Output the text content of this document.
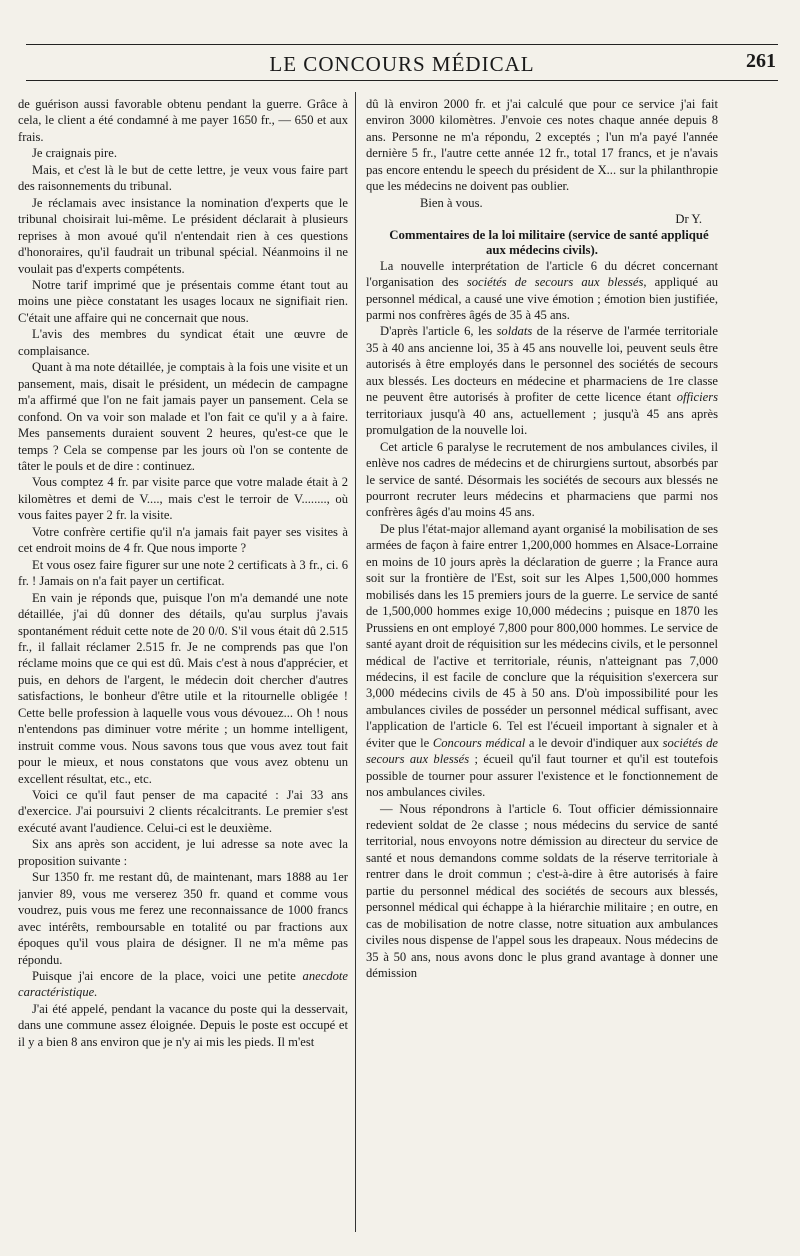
LE CONCOURS MÉDICAL	261

de guérison aussi favorable obtenu pendant la guerre. Grâce à cela, le client a été condamné à me payer 1650 fr., — 650 et aux frais.

Je craignais pire.

Mais, et c'est là le but de cette lettre, je veux vous faire part des raisonnements du tribunal.

Je réclamais avec insistance la nomination d'experts que le tribunal choisirait lui-même. Le président déclarait à plusieurs reprises à mon avoué qu'il n'entendait rien à ces questions d'honoraires, qu'il faudrait un tribunal spécial. Néanmoins il ne voulait pas d'experts compétents.

Notre tarif imprimé que je présentais comme étant tout au moins une pièce constatant les usages locaux ne signifiait rien. C'était une affaire qui ne concernait que nous.

L'avis des membres du syndicat était une œuvre de complaisance.

Quant à ma note détaillée, je comptais à la fois une visite et un pansement, mais, disait le président, un médecin de campagne m'a affirmé que l'on ne fait jamais payer un pansement. Cela se confond. On va voir son malade et l'on fait ce qu'il y a à faire. Mes pansements duraient souvent 2 heures, qu'est-ce que le temps ? Cela se compense par les jours où l'on se contente de tâter le pouls et de dire : continuez.

Vous comptez 4 fr. par visite parce que votre malade était à 2 kilomètres et demi de V...., mais c'est le terroir de V........, où vous faites payer 2 fr. la visite.

Votre confrère certifie qu'il n'a jamais fait payer ses visites à cet endroit moins de 4 fr. Que nous importe ?

Et vous osez faire figurer sur une note 2 certificats à 3 fr., ci. 6 fr. ! Jamais on n'a fait payer un certificat.

En vain je réponds que, puisque l'on m'a demandé une note détaillée, j'ai dû donner des détails, qu'au surplus j'avais spontanément réduit cette note de 20 0/0. S'il vous était dû 2.515 fr., il fallait réclamer 2.515 fr. Je ne comprends pas que l'on réclame moins que ce qui est dû. Mais c'est à nous d'apprécier, et puis, en dehors de l'argent, le médecin doit chercher d'autres satisfactions, le bonheur d'être utile et la ritournelle obligée ! Cette belle profession à laquelle vous vous dévouez... Oh ! nous n'entendons pas diminuer votre mérite ; un homme intelligent, instruit comme vous. Nous savons tous que vous avez tout fait pour le mieux, et nous constatons que vous avez obtenu un excellent résultat, etc., etc.

Voici ce qu'il faut penser de ma capacité : J'ai 33 ans d'exercice. J'ai poursuivi 2 clients récalcitrants. Le premier s'est exécuté avant l'audience. Celui-ci est le deuxième.

Six ans après son accident, je lui adresse sa note avec la proposition suivante :

Sur 1350 fr. me restant dû, de maintenant, mars 1888 au 1er janvier 89, vous me verserez 350 fr. quand et comme vous voudrez, puis vous me ferez une reconnaissance de 1000 francs avec intérêts, remboursable en totalité ou par fractions aux époques qu'il vous plaira de désigner. Il ne m'a même pas répondu.

Puisque j'ai encore de la place, voici une petite anecdote caractéristique.

J'ai été appelé, pendant la vacance du poste qui la desservait, dans une commune assez éloignée. Depuis le poste est occupé et il y a bien 8 ans environ que je n'y ai mis les pieds. Il m'est

dû là environ 2000 fr. et j'ai calculé que pour ce service j'ai fait environ 3000 kilomètres. J'envoie ces notes chaque année depuis 8 ans. Personne ne m'a répondu, 2 exceptés ; l'un m'a payé l'année dernière 5 fr., l'autre cette année 12 fr., total 17 francs, et je n'avais pas encore entendu le speech du président de X... sur la philanthropie que les médecins ne doivent pas oublier.

Bien à vous.

Dr Y.

Commentaires de la loi militaire (service de santé appliqué aux médecins civils).

La nouvelle interprétation de l'article 6 du décret concernant l'organisation des sociétés de secours aux blessés, appliqué au personnel médical, a causé une vive émotion ; émotion bien justifiée, parmi nos confrères âgés de 35 à 45 ans.

D'après l'article 6, les soldats de la réserve de l'armée territoriale 35 à 40 ans ancienne loi, 35 à 45 ans nouvelle loi, peuvent seuls être autorisés à être employés dans le personnel des sociétés de secours aux blessés. Les docteurs en médecine et pharmaciens de 1re classe ne peuvent être autorisés à profiter de cette licence étant officiers territoriaux jusqu'à 40 ans, actuellement ; jusqu'à 45 ans après promulgation de la nouvelle loi.

Cet article 6 paralyse le recrutement de nos ambulances civiles, il enlève nos cadres de médecins et de chirurgiens surtout, absorbés par le service de santé. Désormais les sociétés de secours aux blessés ne pourront recruter leurs médecins et pharmaciens que parmi nos confrères âgés d'au moins 45 ans.

De plus l'état-major allemand ayant organisé la mobilisation de ses armées de façon à faire entrer 1,200,000 hommes en Alsace-Lorraine en moins de 10 jours après la déclaration de guerre ; la France aura soit sur la frontière de l'Est, soit sur les Alpes 1,500,000 hommes mobilisés dans les 15 premiers jours de la guerre. Le service de santé de 1,500,000 hommes exige 10,000 médecins ; puisque en 1870 les Prussiens en ont employé 7,800 pour 800,000 hommes. Le service de santé ayant droit de réquisition sur les médecins civils, et le personnel médical de l'active et territoriale, réunis, n'atteignant pas 7,000 médecins, il est facile de conclure que la réquisition s'exercera sur 3,000 médecins civils de 45 à 50 ans. D'où impossibilité pour les ambulances civiles de posséder un personnel médical suffisant, avec l'application de l'article 6. Tel est l'écueil important à signaler et à éviter que le Concours médical a le devoir d'indiquer aux sociétés de secours aux blessés ; écueil qu'il faut tourner et qu'il est toutefois possible de tourner pour assurer l'existence et le fonctionnement de nos ambulances civiles.

— Nous répondrons à l'article 6. Tout officier démissionnaire redevient soldat de 2e classe ; nous médecins du service de santé territorial, nous envoyons notre démission au directeur du service de santé et nous demandons comme soldats de la réserve territoriale à rentrer dans le droit commun ; c'est-à-dire à être autorisés à faire partie du personnel médical des sociétés de secours aux blessés, personnel médical qui échappe à la hiérarchie militaire ; en outre, en cas de mobilisation de notre classe, notre situation aux ambulances civiles nous dispense de l'appel sous les drapeaux. Nous médecins de 35 à 50 ans, nous avons donc le plus grand avantage à donner une démission
